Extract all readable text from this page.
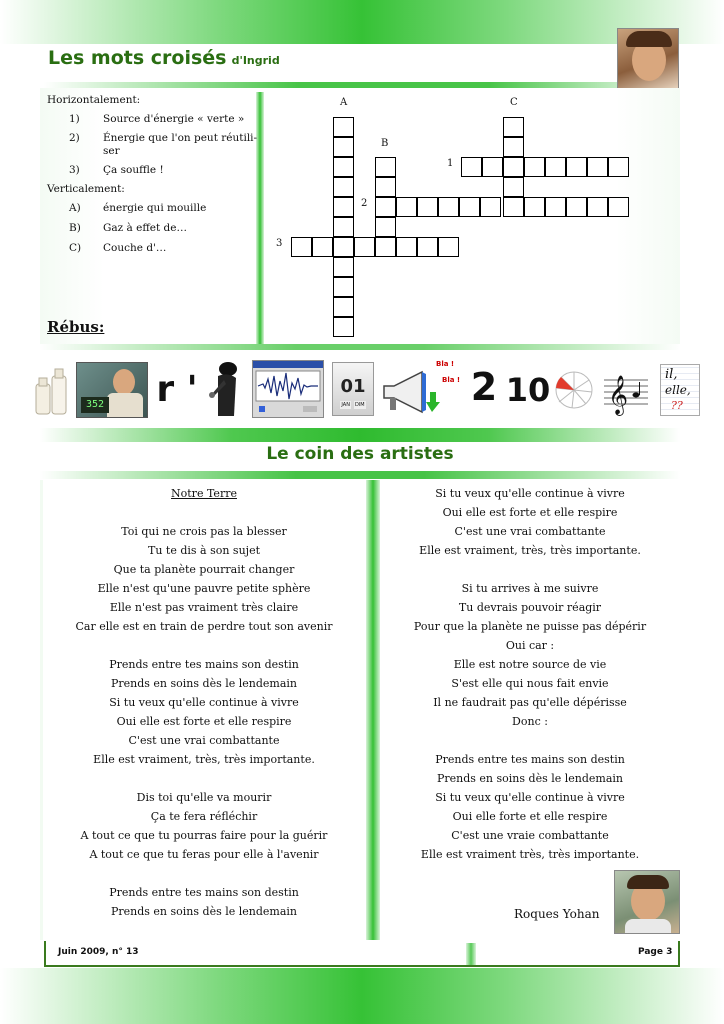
Les mots croisés d'Ingrid
Horizontalement:
1) Source d'énergie « verte »
2) Énergie que l'on peut réutili-
ser
3) Ça souffle !
Verticalement:
A) énergie qui mouille
B) Gaz à effet de…
C) Couche d'…
Rébus:
A
B
C
1
2
3
352 r '	01
JAN DIM
Bla !
Bla ! 2 10 𝄞
il,
elle,
??
Le coin des artistes
Notre Terre
Toi qui ne crois pas la blesser
Tu te dis à son sujet
Que ta planète pourrait changer
Elle n'est qu'une pauvre petite sphère
Elle n'est pas vraiment très claire
Car elle est en train de perdre tout son avenir
Prends entre tes mains son destin
Prends en soins dès le lendemain
Si tu veux qu'elle continue à vivre
Oui elle est forte et elle respire
C'est une vrai combattante
Elle est vraiment, très, très importante.
Dis toi qu'elle va mourir
Ça te fera réfléchir
A tout ce que tu pourras faire pour la guérir
A tout ce que tu feras pour elle à l'avenir
Prends entre tes mains son destin
Prends en soins dès le lendemain
Si tu veux qu'elle continue à vivre
Oui elle est forte et elle respire
C'est une vrai combattante
Elle est vraiment, très, très importante.
Si tu arrives à me suivre
Tu devrais pouvoir réagir
Pour que la planète ne puisse pas dépérir
Oui car :
Elle est notre source de vie
S'est elle qui nous fait envie
Il ne faudrait pas qu'elle dépérisse
Donc :
Prends entre tes mains son destin
Prends en soins dès le lendemain
Si tu veux qu'elle continue à vivre
Oui elle forte et elle respire
C'est une vraie combattante
Elle est vraiment très, très importante.
Roques Yohan
Juin 2009, n° 13	Page 3
